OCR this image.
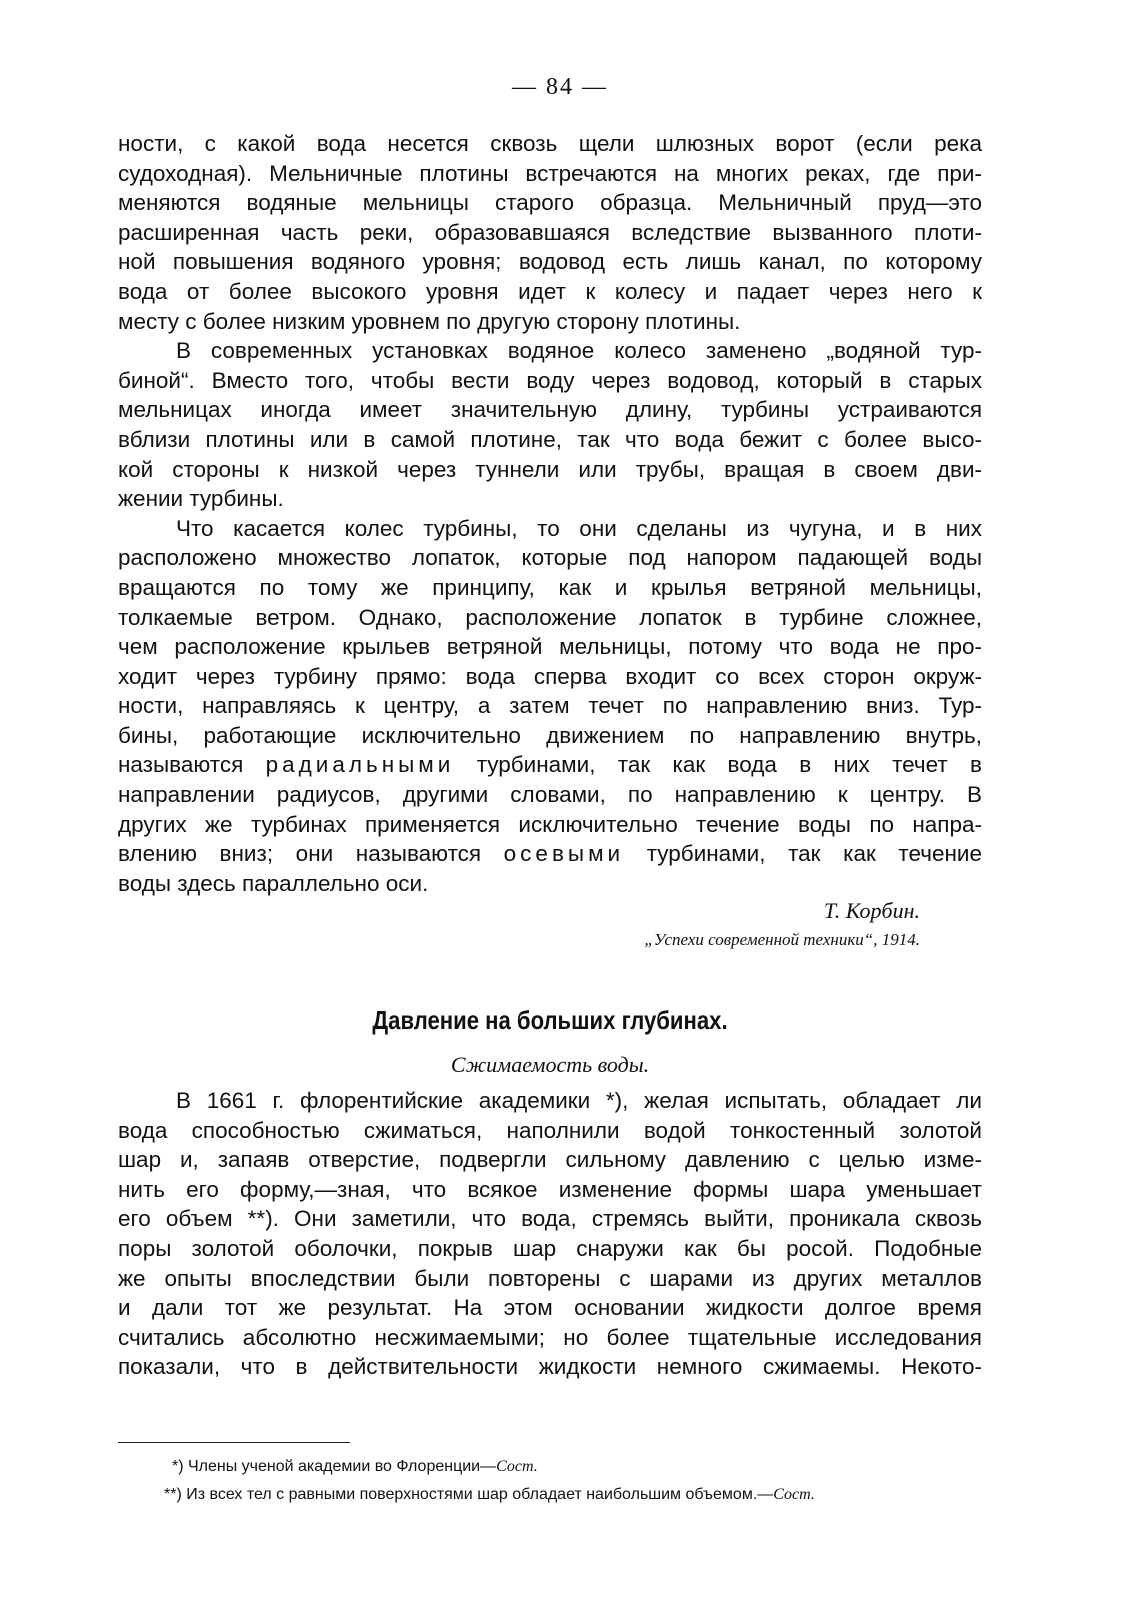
— 84 —
ности, с какой вода несется сквозь щели шлюзных ворот (если река
судоходная). Мельничные плотины встречаются на многих реках, где при-
меняются водяные мельницы старого образца. Мельничный пруд—это
расширенная часть реки, образовавшаяся вследствие вызванного плоти-
ной повышения водяного уровня; водовод есть лишь канал, по которому
вода от более высокого уровня идет к колесу и падает через него к
месту с более низким уровнем по другую сторону плотины.
В современных установках водяное колесо заменено „водяной тур-
биной“. Вместо того, чтобы вести воду через водовод, который в старых
мельницах иногда имеет значительную длину, турбины устраиваются
вблизи плотины или в самой плотине, так что вода бежит с более высо-
кой стороны к низкой через туннели или трубы, вращая в своем дви-
жении турбины.
Что касается колес турбины, то они сделаны из чугуна, и в них
расположено множество лопаток, которые под напором падающей воды
вращаются по тому же принципу, как и крылья ветряной мельницы,
толкаемые ветром. Однако, расположение лопаток в турбине сложнее,
чем расположение крыльев ветряной мельницы, потому что вода не про-
ходит через турбину прямо: вода сперва входит со всех сторон окруж-
ности, направляясь к центру, а затем течет по направлению вниз. Тур-
бины, работающие исключительно движением по направлению внутрь,
называются радиальными турбинами, так как вода в них течет в
направлении радиусов, другими словами, по направлению к центру. В
других же турбинах применяется исключительно течение воды по напра-
влению вниз; они называются осевыми турбинами, так как течение
воды здесь параллельно оси.
Т. Корбин.
„Успехи современной техники“, 1914.
Давление на больших глубинах.
Сжимаемость воды.
В 1661 г. флорентийские академики *), желая испытать, обладает ли
вода способностью сжиматься, наполнили водой тонкостенный золотой
шар и, запаяв отверстие, подвергли сильному давлению с целью изме-
нить его форму,—зная, что всякое изменение формы шара уменьшает
его объем **). Они заметили, что вода, стремясь выйти, проникала сквозь
поры золотой оболочки, покрыв шар снаружи как бы росой. Подобные
же опыты впоследствии были повторены с шарами из других металлов
и дали тот же результат. На этом основании жидкости долгое время
считались абсолютно несжимаемыми; но более тщательные исследования
показали, что в действительности жидкости немного сжимаемы. Некото-
*) Члены ученой академии во Флоренции—Сост.
**) Из всех тел с равными поверхностями шар обладает наибольшим объемом.—Сост.
